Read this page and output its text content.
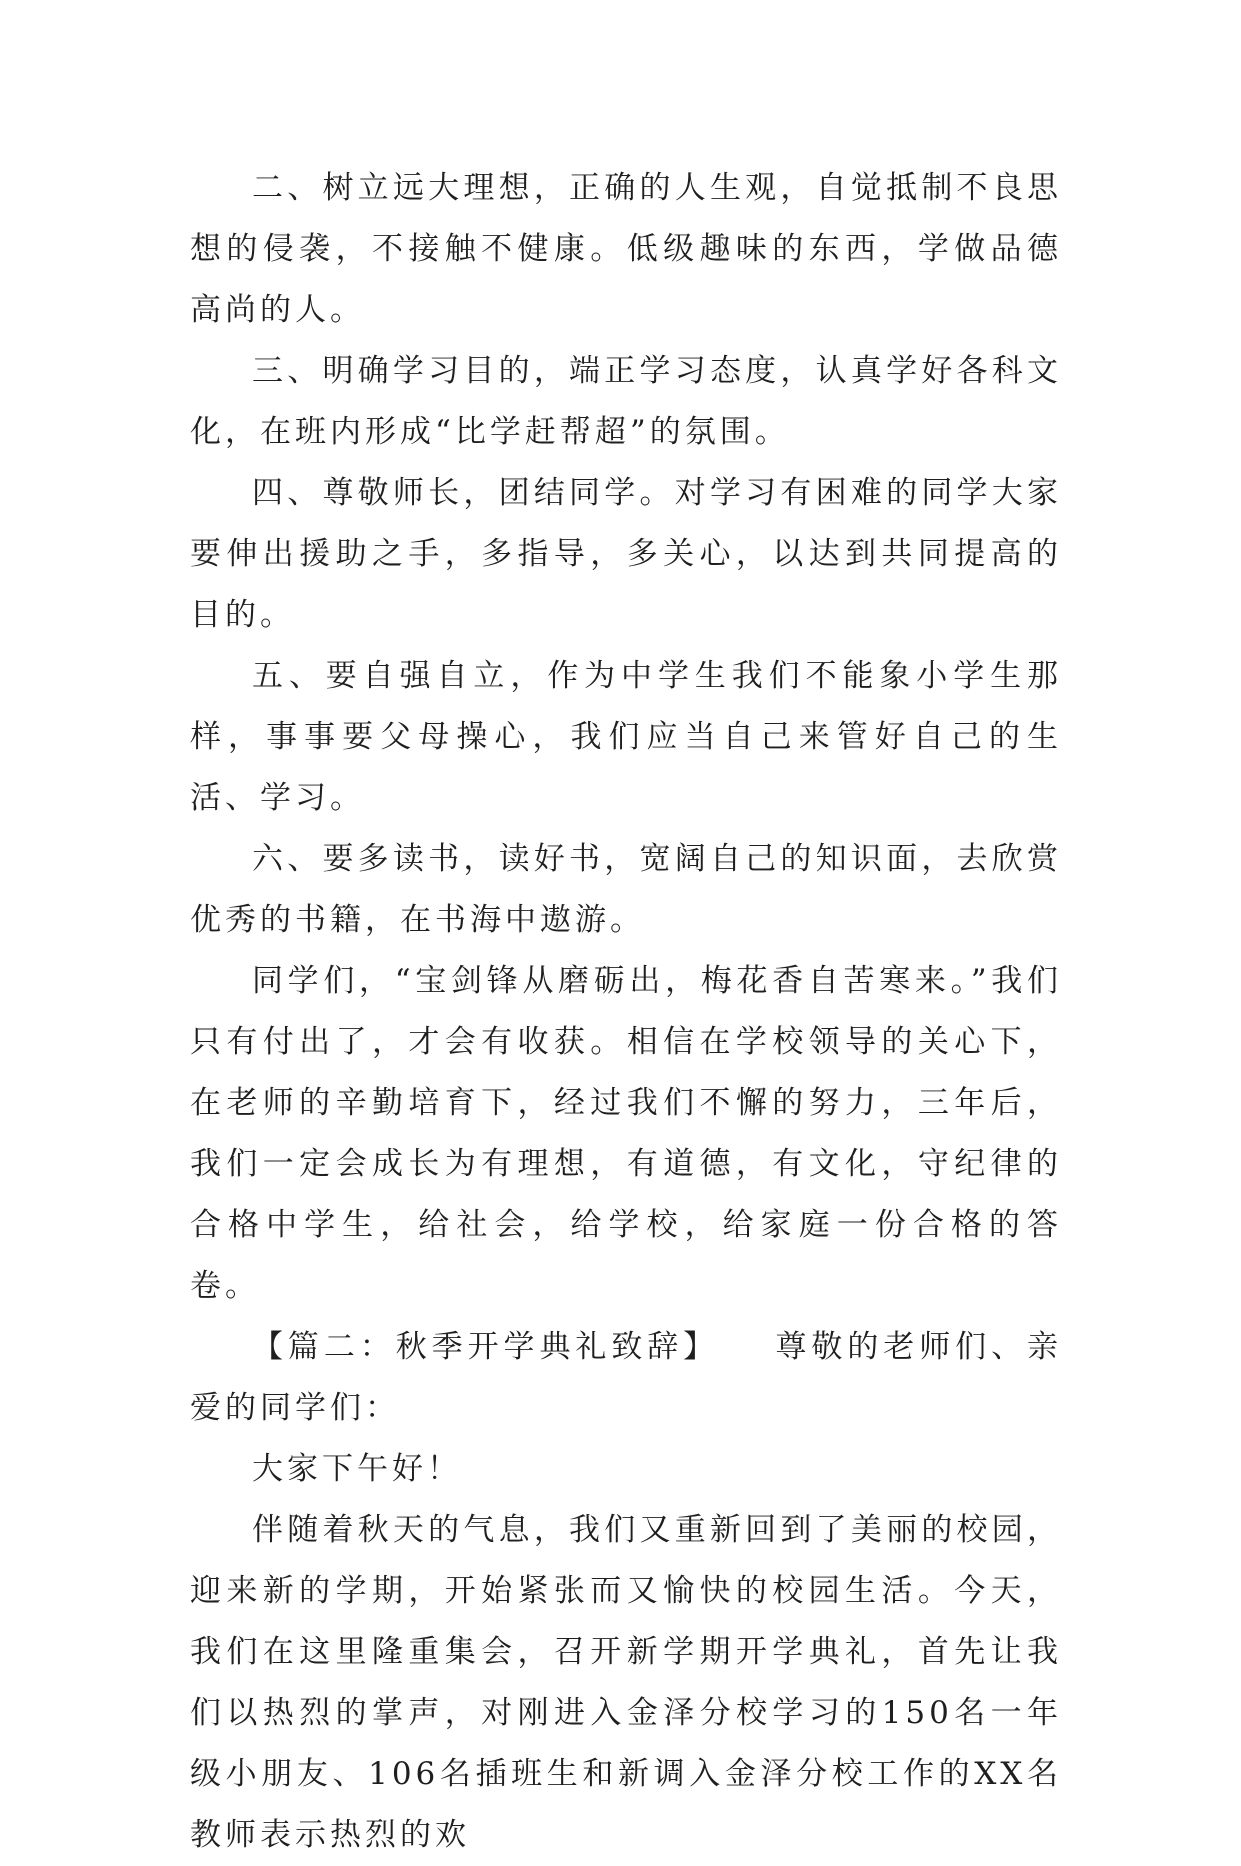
二、树立远大理想，正确的人生观，自觉抵制不良思想的侵袭，不接触不健康。低级趣味的东西，学做品德高尚的人。

三、明确学习目的，端正学习态度，认真学好各科文化，在班内形成“比学赶帮超”的氛围。

四、尊敬师长，团结同学。对学习有困难的同学大家要伸出援助之手，多指导，多关心，以达到共同提高的目的。

五、要自强自立，作为中学生我们不能象小学生那样，事事要父母操心，我们应当自己来管好自己的生活、学习。

六、要多读书，读好书，宽阔自己的知识面，去欣赏优秀的书籍，在书海中遨游。

同学们，“宝剑锋从磨砺出，梅花香自苦寒来。”我们只有付出了，才会有收获。相信在学校领导的关心下，在老师的辛勤培育下，经过我们不懈的努力，三年后，我们一定会成长为有理想，有道德，有文化，守纪律的合格中学生，给社会，给学校，给家庭一份合格的答卷。

【篇二：秋季开学典礼致辞】　　尊敬的老师们、亲爱的同学们：

大家下午好！

伴随着秋天的气息，我们又重新回到了美丽的校园，迎来新的学期，开始紧张而又愉快的校园生活。今天，我们在这里隆重集会，召开新学期开学典礼，首先让我们以热烈的掌声，对刚进入金泽分校学习的150名一年级小朋友、106名插班生和新调入金泽分校工作的XX名教师表示热烈的欢
